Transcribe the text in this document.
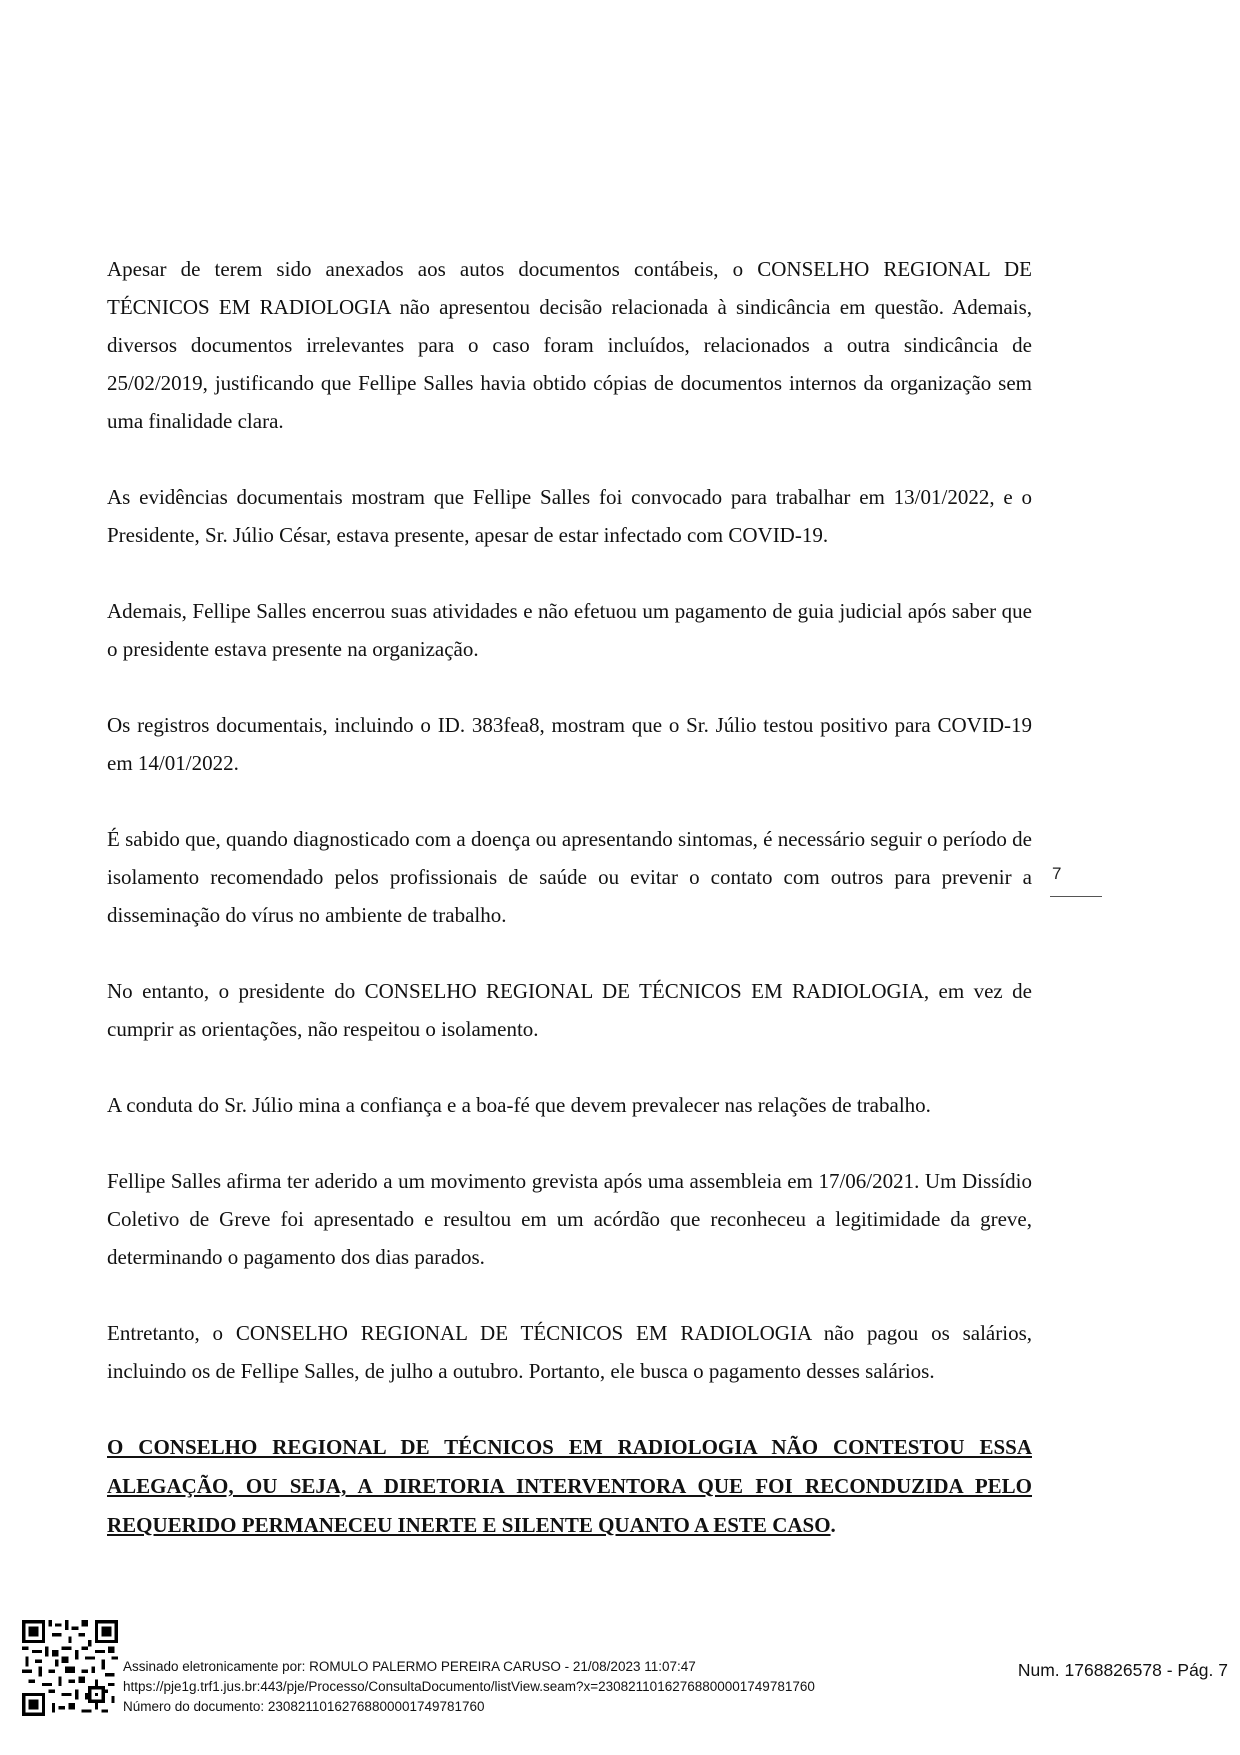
Apesar de terem sido anexados aos autos documentos contábeis, o CONSELHO REGIONAL DE TÉCNICOS EM RADIOLOGIA não apresentou decisão relacionada à sindicância em questão. Ademais, diversos documentos irrelevantes para o caso foram incluídos, relacionados a outra sindicância de 25/02/2019, justificando que Fellipe Salles havia obtido cópias de documentos internos da organização sem uma finalidade clara.

As evidências documentais mostram que Fellipe Salles foi convocado para trabalhar em 13/01/2022, e o Presidente, Sr. Júlio César, estava presente, apesar de estar infectado com COVID-19.

Ademais, Fellipe Salles encerrou suas atividades e não efetuou um pagamento de guia judicial após saber que o presidente estava presente na organização.

Os registros documentais, incluindo o ID. 383fea8, mostram que o Sr. Júlio testou positivo para COVID-19 em 14/01/2022.

É sabido que, quando diagnosticado com a doença ou apresentando sintomas, é necessário seguir o período de isolamento recomendado pelos profissionais de saúde ou evitar o contato com outros para prevenir a disseminação do vírus no ambiente de trabalho.

No entanto, o presidente do CONSELHO REGIONAL DE TÉCNICOS EM RADIOLOGIA, em vez de cumprir as orientações, não respeitou o isolamento.

A conduta do Sr. Júlio mina a confiança e a boa-fé que devem prevalecer nas relações de trabalho.

Fellipe Salles afirma ter aderido a um movimento grevista após uma assembleia em 17/06/2021. Um Dissídio Coletivo de Greve foi apresentado e resultou em um acórdão que reconheceu a legitimidade da greve, determinando o pagamento dos dias parados.

Entretanto, o CONSELHO REGIONAL DE TÉCNICOS EM RADIOLOGIA não pagou os salários, incluindo os de Fellipe Salles, de julho a outubro. Portanto, ele busca o pagamento desses salários.

O CONSELHO REGIONAL DE TÉCNICOS EM RADIOLOGIA NÃO CONTESTOU ESSA ALEGAÇÃO, OU SEJA, A DIRETORIA INTERVENTORA QUE FOI RECONDUZIDA PELO REQUERIDO PERMANECEU INERTE E SILENTE QUANTO A ESTE CASO.

7
Assinado eletronicamente por: ROMULO PALERMO PEREIRA CARUSO - 21/08/2023 11:07:47
https://pje1g.trf1.jus.br:443/pje/Processo/ConsultaDocumento/listView.seam?x=23082110162768800001749781760
Número do documento: 23082110162768800001749781760
Num. 1768826578 - Pág. 7
